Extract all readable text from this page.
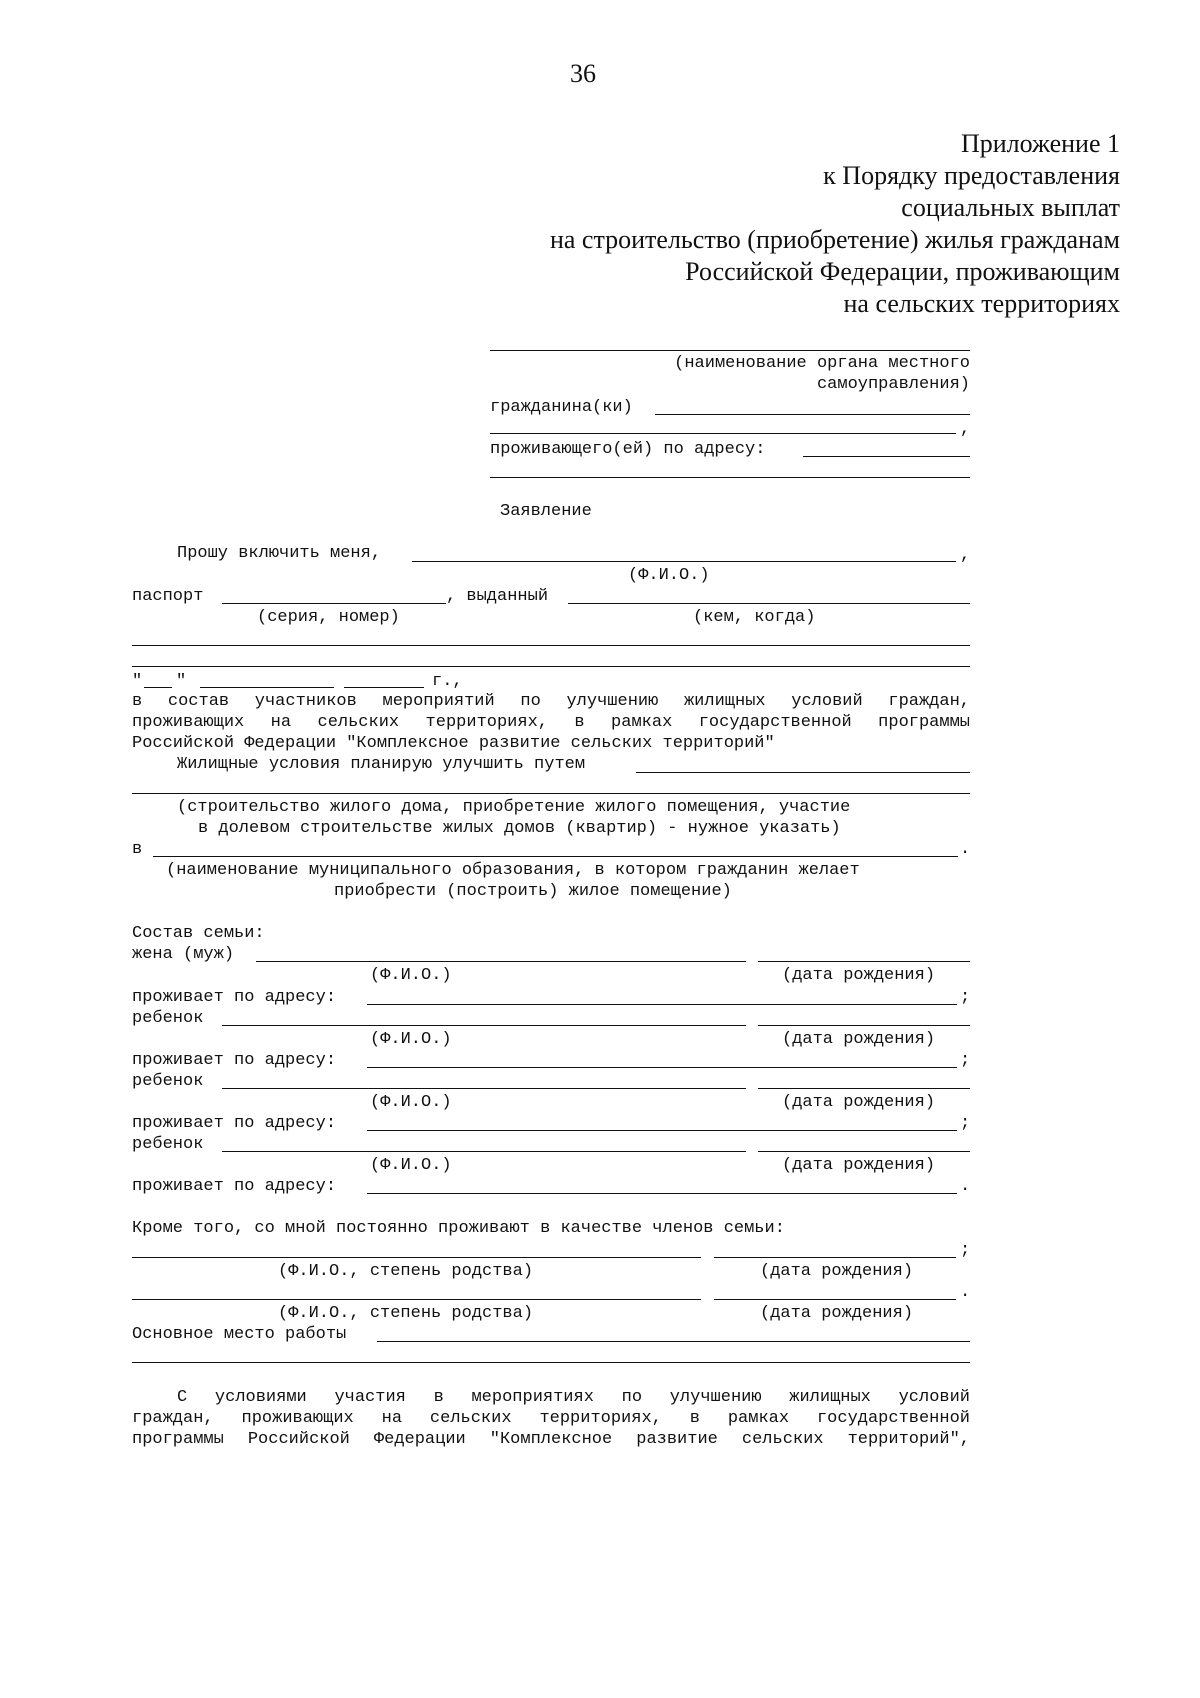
36
Приложение 1
к Порядку предоставления
социальных выплат
на строительство (приобретение) жилья гражданам
Российской Федерации, проживающим
на сельских территориях
(наименование органа местного
самоуправления)
гражданина(ки)
,
проживающего(ей) по адресу:
Заявление
Прошу включить меня,	,
(Ф.И.О.)
паспорт	, выданный
(серия, номер)	(кем, когда)
" "	г.,
в состав участников мероприятий по улучшению жилищных условий граждан,
проживающих на сельских территориях, в рамках государственной программы
Российской Федерации "Комплексное развитие сельских территорий"
Жилищные условия планирую улучшить путем
(строительство жилого дома, приобретение жилого помещения, участие
в долевом строительстве жилых домов (квартир) - нужное указать)
в	.
(наименование муниципального образования, в котором гражданин желает
приобрести (построить) жилое помещение)
Состав семьи:
жена (муж)
(Ф.И.О.)	(дата рождения)
проживает по адресу:	;
ребенок
(Ф.И.О.)	(дата рождения)
проживает по адресу:	;
ребенок
(Ф.И.О.)	(дата рождения)
проживает по адресу:	;
ребенок
(Ф.И.О.)	(дата рождения)
проживает по адресу:	.
Кроме того, со мной постоянно проживают в качестве членов семьи:
;
(Ф.И.О., степень родства)	(дата рождения)
.
(Ф.И.О., степень родства)	(дата рождения)
Основное место работы
С условиями участия в мероприятиях по улучшению жилищных условий
граждан, проживающих на сельских территориях, в рамках государственной
программы Российской Федерации "Комплексное развитие сельских территорий",
